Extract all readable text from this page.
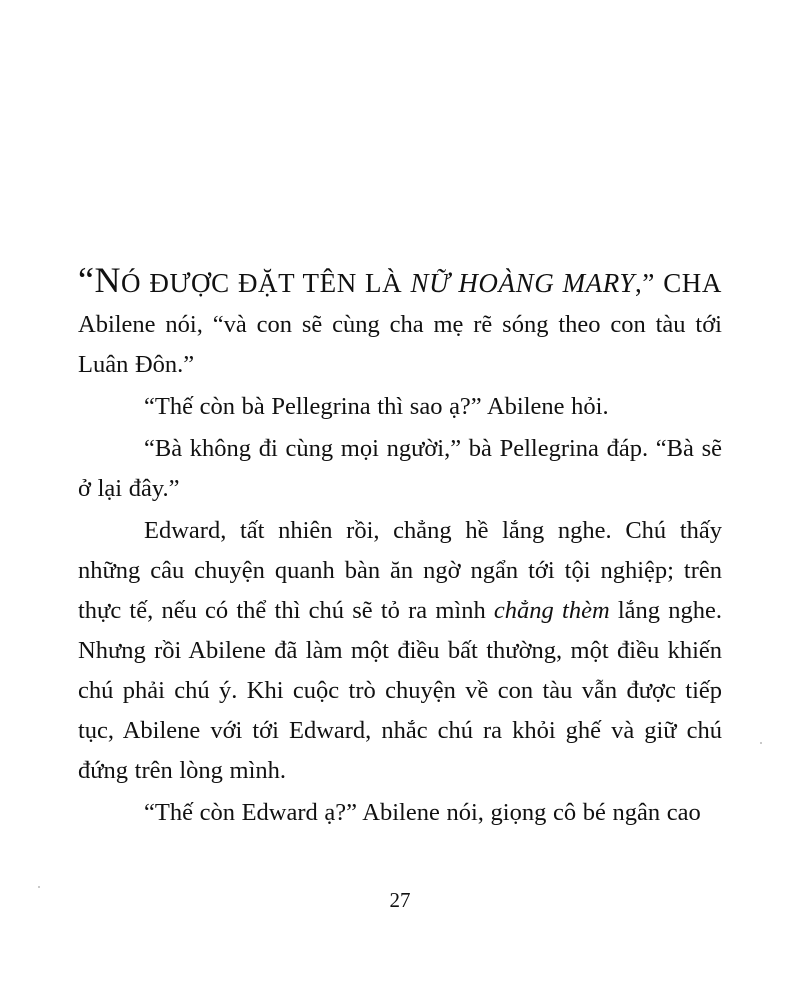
“NÓ ĐƯỢC ĐẶT TÊN LÀ NỮ HOÀNG MARY,” CHA Abilene nói, “và con sẽ cùng cha mẹ rẽ sóng theo con tàu tới Luân Đôn.”

“Thế còn bà Pellegrina thì sao ạ?” Abilene hỏi.

“Bà không đi cùng mọi người,” bà Pellegrina đáp. “Bà sẽ ở lại đây.”

Edward, tất nhiên rồi, chẳng hề lắng nghe. Chú thấy những câu chuyện quanh bàn ăn ngờ ngẩn tới tội nghiệp; trên thực tế, nếu có thể thì chú sẽ tỏ ra mình chẳng thèm lắng nghe. Nhưng rồi Abilene đã làm một điều bất thường, một điều khiến chú phải chú ý. Khi cuộc trò chuyện về con tàu vẫn được tiếp tục, Abilene với tới Edward, nhắc chú ra khỏi ghế và giữ chú đứng trên lòng mình.

“Thế còn Edward ạ?” Abilene nói, giọng cô bé ngân cao

27
